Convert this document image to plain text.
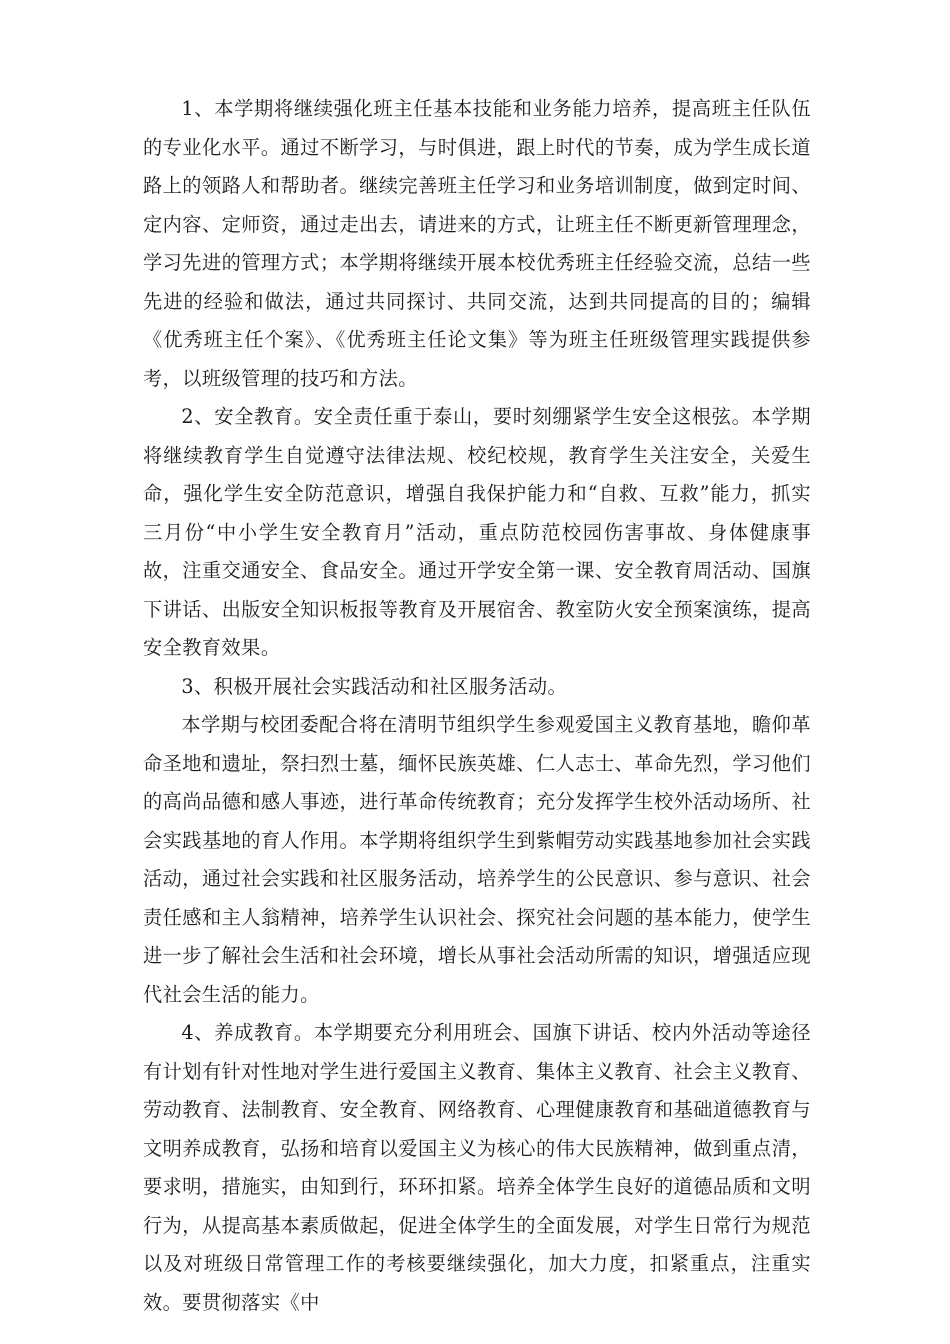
1、本学期将继续强化班主任基本技能和业务能力培养，提高班主任队伍的专业化水平。通过不断学习，与时俱进，跟上时代的节奏，成为学生成长道路上的领路人和帮助者。继续完善班主任学习和业务培训制度，做到定时间、定内容、定师资，通过走出去，请进来的方式，让班主任不断更新管理理念，学习先进的管理方式；本学期将继续开展本校优秀班主任经验交流，总结一些先进的经验和做法，通过共同探讨、共同交流，达到共同提高的目的；编辑《优秀班主任个案》、《优秀班主任论文集》等为班主任班级管理实践提供参考，以班级管理的技巧和方法。

2、安全教育。安全责任重于泰山，要时刻绷紧学生安全这根弦。本学期将继续教育学生自觉遵守法律法规、校纪校规，教育学生关注安全，关爱生命，强化学生安全防范意识，增强自我保护能力和“自救、互救”能力，抓实三月份“中小学生安全教育月”活动，重点防范校园伤害事故、身体健康事故，注重交通安全、食品安全。通过开学安全第一课、安全教育周活动、国旗下讲话、出版安全知识板报等教育及开展宿舍、教室防火安全预案演练，提高安全教育效果。

3、积极开展社会实践活动和社区服务活动。

本学期与校团委配合将在清明节组织学生参观爱国主义教育基地，瞻仰革命圣地和遗址，祭扫烈士墓，缅怀民族英雄、仁人志士、革命先烈，学习他们的高尚品德和感人事迹，进行革命传统教育；充分发挥学生校外活动场所、社会实践基地的育人作用。本学期将组织学生到紫帽劳动实践基地参加社会实践活动，通过社会实践和社区服务活动，培养学生的公民意识、参与意识、社会责任感和主人翁精神，培养学生认识社会、探究社会问题的基本能力，使学生进一步了解社会生活和社会环境，增长从事社会活动所需的知识，增强适应现代社会生活的能力。

4、养成教育。本学期要充分利用班会、国旗下讲话、校内外活动等途径有计划有针对性地对学生进行爱国主义教育、集体主义教育、社会主义教育、劳动教育、法制教育、安全教育、网络教育、心理健康教育和基础道德教育与文明养成教育，弘扬和培育以爱国主义为核心的伟大民族精神，做到重点清，要求明，措施实，由知到行，环环扣紧。培养全体学生良好的道德品质和文明行为，从提高基本素质做起，促进全体学生的全面发展，对学生日常行为规范以及对班级日常管理工作的考核要继续强化，加大力度，扣紧重点，注重实效。要贯彻落实《中
